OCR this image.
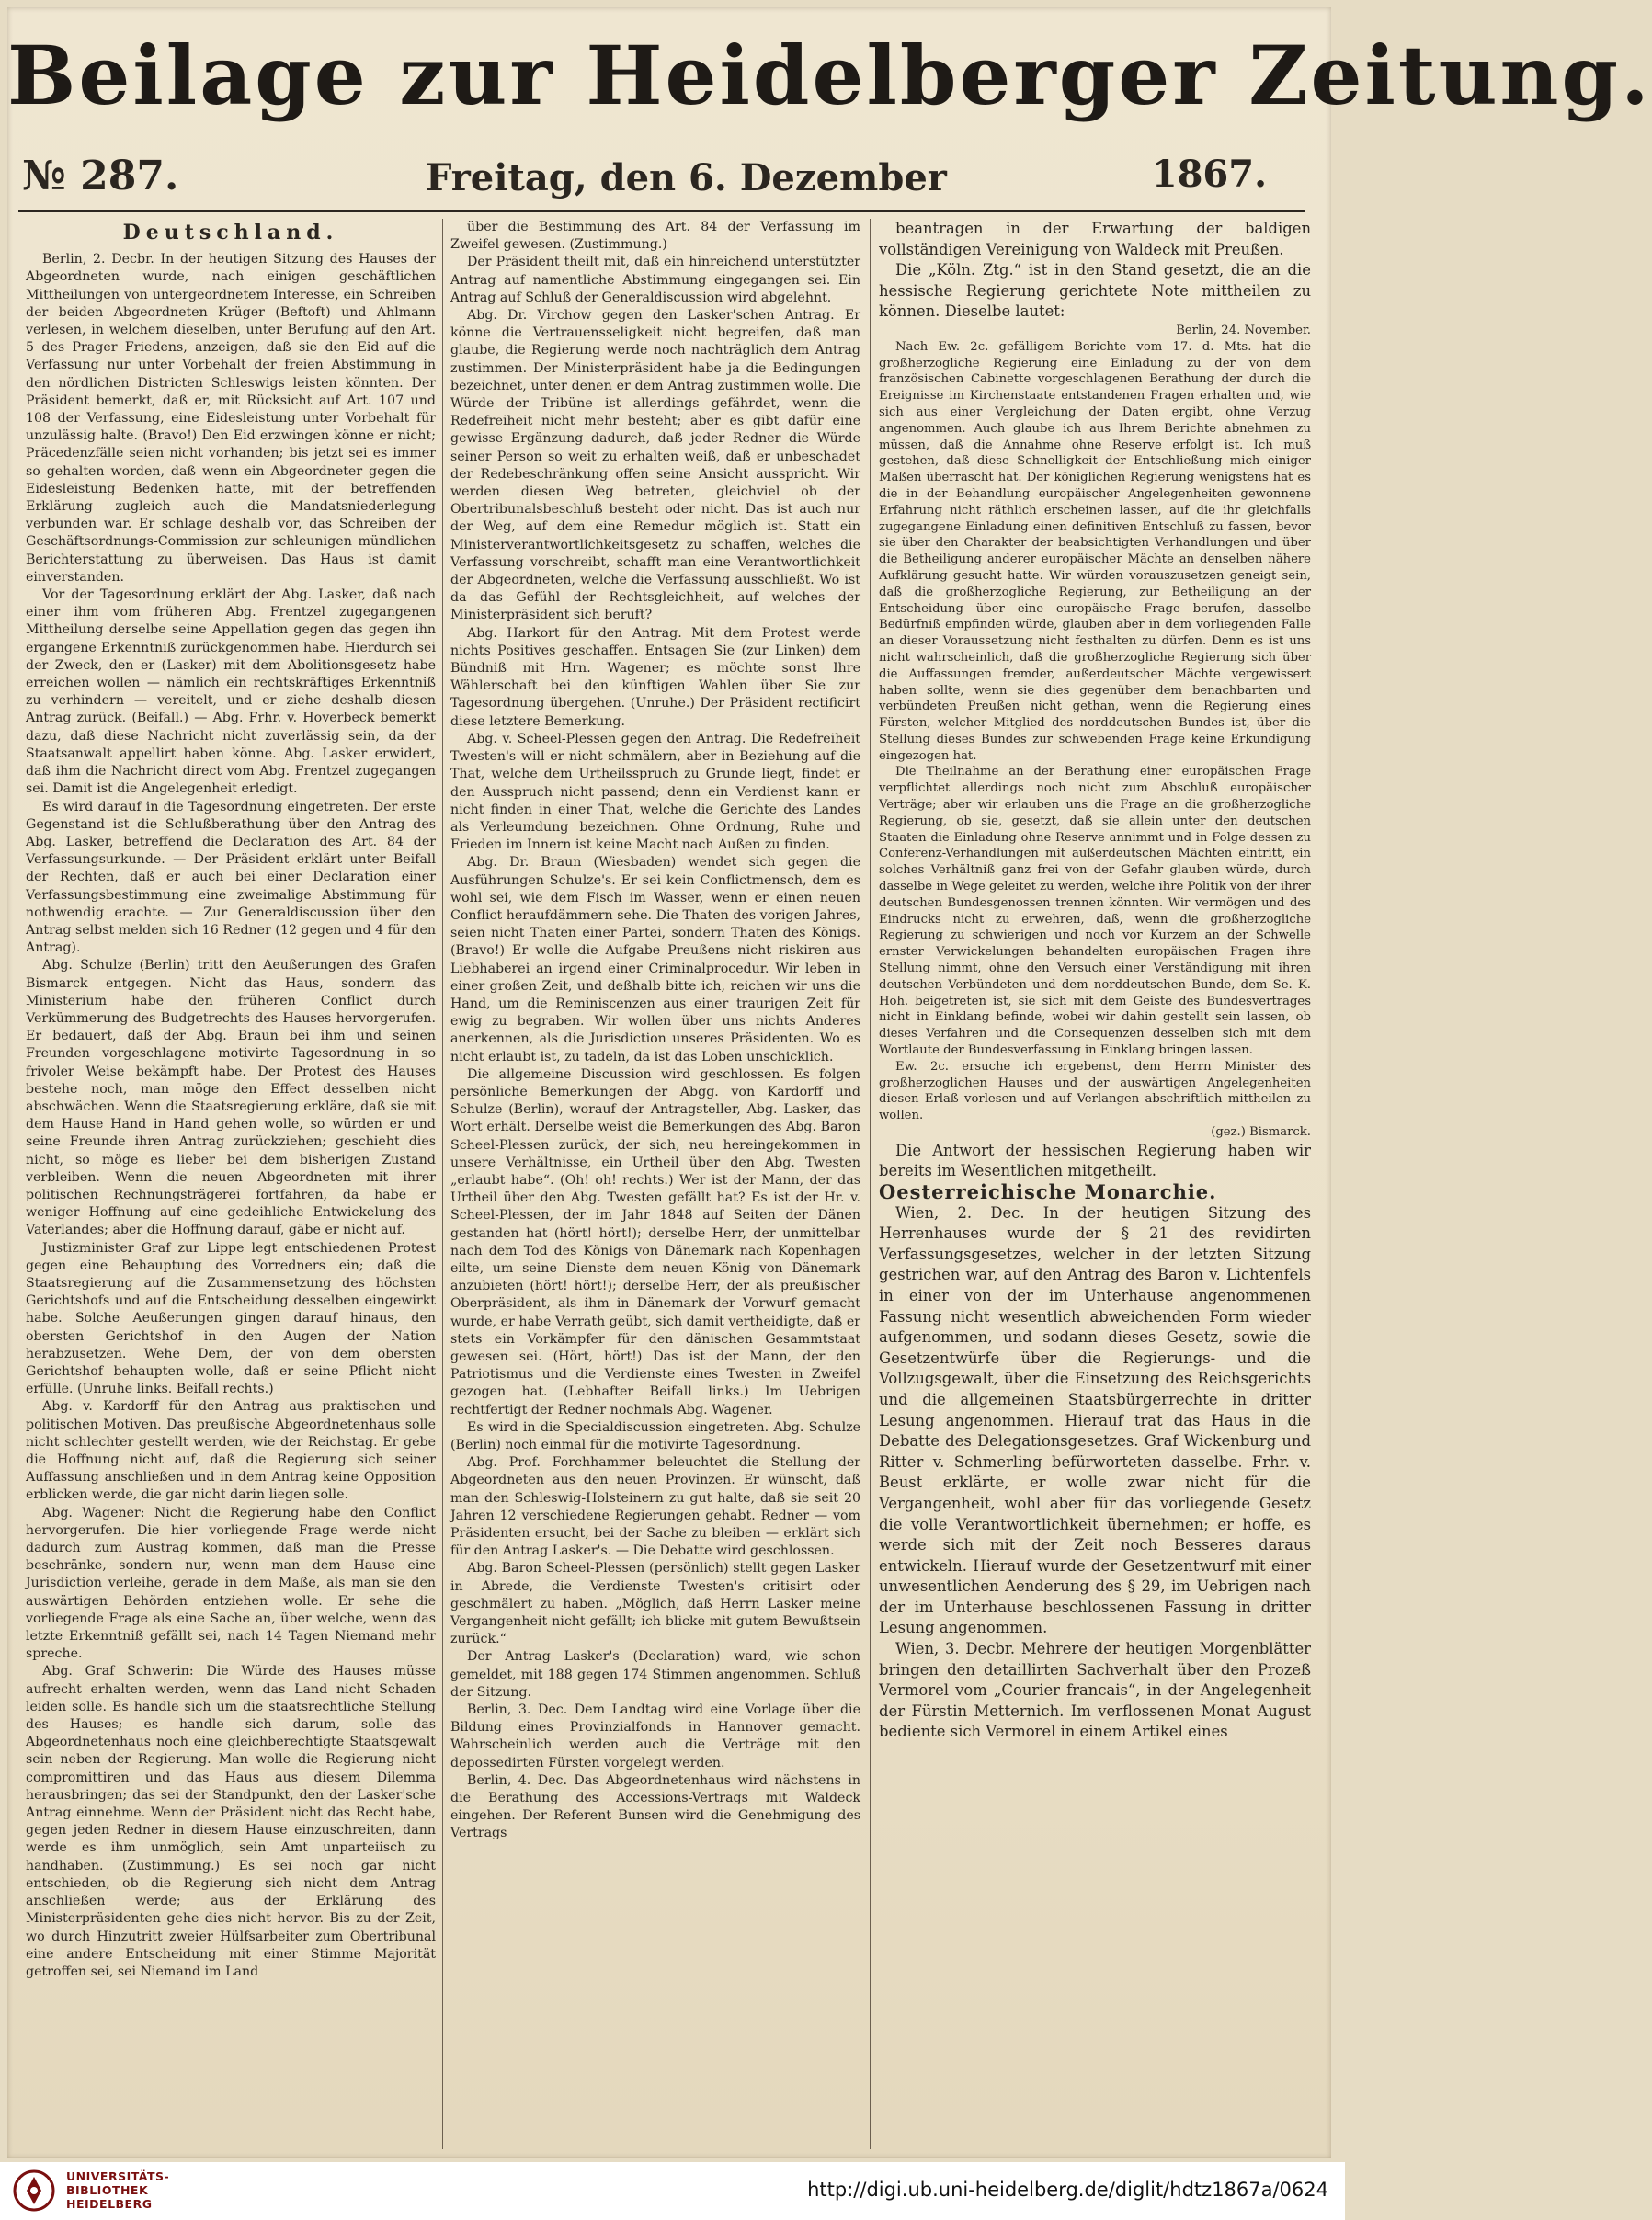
Beilage zur Heidelberger Zeitung.
№ 287.	Freitag, den 6. Dezember	1867.
Deutschland.

Berlin, 2. Decbr. In der heutigen Sitzung des Hauses der Abgeordneten wurde, nach einigen geschäftlichen Mittheilungen von untergeordnetem Interesse, ein Schreiben der beiden Abgeordneten Krüger (Beftoft) und Ahlmann verlesen, in welchem dieselben, unter Berufung auf den Art. 5 des Prager Friedens, anzeigen, daß sie den Eid auf die Verfassung nur unter Vorbehalt der freien Abstimmung in den nördlichen Districten Schleswigs leisten könnten. Der Präsident bemerkt, daß er, mit Rücksicht auf Art. 107 und 108 der Verfassung, eine Eidesleistung unter Vorbehalt für unzulässig halte. (Bravo!) Den Eid erzwingen könne er nicht; Präcedenzfälle seien nicht vorhanden; bis jetzt sei es immer so gehalten worden, daß wenn ein Abgeordneter gegen die Eidesleistung Bedenken hatte, mit der betreffenden Erklärung zugleich auch die Mandatsniederlegung verbunden war. Er schlage deshalb vor, das Schreiben der Geschäftsordnungs-Commission zur schleunigen mündlichen Berichterstattung zu überweisen. Das Haus ist damit einverstanden.

Vor der Tagesordnung erklärt der Abg. Lasker, daß nach einer ihm vom früheren Abg. Frentzel zugegangenen Mittheilung derselbe seine Appellation gegen das gegen ihn ergangene Erkenntniß zurückgenommen habe. Hierdurch sei der Zweck, den er (Lasker) mit dem Abolitionsgesetz habe erreichen wollen — nämlich ein rechtskräftiges Erkenntniß zu verhindern — vereitelt, und er ziehe deshalb diesen Antrag zurück. (Beifall.) — Abg. Frhr. v. Hoverbeck bemerkt dazu, daß diese Nachricht nicht zuverlässig sein, da der Staatsanwalt appellirt haben könne. Abg. Lasker erwidert, daß ihm die Nachricht direct vom Abg. Frentzel zugegangen sei. Damit ist die Angelegenheit erledigt.

Es wird darauf in die Tagesordnung eingetreten. Der erste Gegenstand ist die Schlußberathung über den Antrag des Abg. Lasker, betreffend die Declaration des Art. 84 der Verfassungsurkunde. — Der Präsident erklärt unter Beifall der Rechten, daß er auch bei einer Declaration einer Verfassungsbestimmung eine zweimalige Abstimmung für nothwendig erachte. — Zur Generaldiscussion über den Antrag selbst melden sich 16 Redner (12 gegen und 4 für den Antrag).

Abg. Schulze (Berlin) tritt den Aeußerungen des Grafen Bismarck entgegen. Nicht das Haus, sondern das Ministerium habe den früheren Conflict durch Verkümmerung des Budgetrechts des Hauses hervorgerufen. Er bedauert, daß der Abg. Braun bei ihm und seinen Freunden vorgeschlagene motivirte Tagesordnung in so frivoler Weise bekämpft habe. Der Protest des Hauses bestehe noch, man möge den Effect desselben nicht abschwächen. Wenn die Staatsregierung erkläre, daß sie mit dem Hause Hand in Hand gehen wolle, so würden er und seine Freunde ihren Antrag zurückziehen; geschieht dies nicht, so möge es lieber bei dem bisherigen Zustand verbleiben. Wenn die neuen Abgeordneten mit ihrer politischen Rechnungsträgerei fortfahren, da habe er weniger Hoffnung auf eine gedeihliche Entwickelung des Vaterlandes; aber die Hoffnung darauf, gäbe er nicht auf.

Justizminister Graf zur Lippe legt entschiedenen Protest gegen eine Behauptung des Vorredners ein; daß die Staatsregierung auf die Zusammensetzung des höchsten Gerichtshofs und auf die Entscheidung desselben eingewirkt habe. Solche Aeußerungen gingen darauf hinaus, den obersten Gerichtshof in den Augen der Nation herabzusetzen. Wehe Dem, der von dem obersten Gerichtshof behaupten wolle, daß er seine Pflicht nicht erfülle. (Unruhe links. Beifall rechts.)

Abg. v. Kardorff für den Antrag aus praktischen und politischen Motiven. Das preußische Abgeordnetenhaus solle nicht schlechter gestellt werden, wie der Reichstag. Er gebe die Hoffnung nicht auf, daß die Regierung sich seiner Auffassung anschließen und in dem Antrag keine Opposition erblicken werde, die gar nicht darin liegen solle.

Abg. Wagener: Nicht die Regierung habe den Conflict hervorgerufen. Die hier vorliegende Frage werde nicht dadurch zum Austrag kommen, daß man die Presse beschränke, sondern nur, wenn man dem Hause eine Jurisdiction verleihe, gerade in dem Maße, als man sie den auswärtigen Behörden entziehen wolle. Er sehe die vorliegende Frage als eine Sache an, über welche, wenn das letzte Erkenntniß gefällt sei, nach 14 Tagen Niemand mehr spreche.

Abg. Graf Schwerin: Die Würde des Hauses müsse aufrecht erhalten werden, wenn das Land nicht Schaden leiden solle. Es handle sich um die staatsrechtliche Stellung des Hauses; es handle sich darum, solle das Abgeordnetenhaus noch eine gleichberechtigte Staatsgewalt sein neben der Regierung. Man wolle die Regierung nicht compromittiren und das Haus aus diesem Dilemma herausbringen; das sei der Standpunkt, den der Lasker'sche Antrag einnehme. Wenn der Präsident nicht das Recht habe, gegen jeden Redner in diesem Hause einzuschreiten, dann werde es ihm unmöglich, sein Amt unparteiisch zu handhaben. (Zustimmung.) Es sei noch gar nicht entschieden, ob die Regierung sich nicht dem Antrag anschließen werde; aus der Erklärung des Ministerpräsidenten gehe dies nicht hervor. Bis zu der Zeit, wo durch Hinzutritt zweier Hülfsarbeiter zum Obertribunal eine andere Entscheidung mit einer Stimme Majorität getroffen sei, sei Niemand im Land

über die Bestimmung des Art. 84 der Verfassung im Zweifel gewesen. (Zustimmung.)

Der Präsident theilt mit, daß ein hinreichend unterstützter Antrag auf namentliche Abstimmung eingegangen sei. Ein Antrag auf Schluß der Generaldiscussion wird abgelehnt.

Abg. Dr. Virchow gegen den Lasker'schen Antrag. Er könne die Vertrauensseligkeit nicht begreifen, daß man glaube, die Regierung werde noch nachträglich dem Antrag zustimmen. Der Ministerpräsident habe ja die Bedingungen bezeichnet, unter denen er dem Antrag zustimmen wolle. Die Würde der Tribüne ist allerdings gefährdet, wenn die Redefreiheit nicht mehr besteht; aber es gibt dafür eine gewisse Ergänzung dadurch, daß jeder Redner die Würde seiner Person so weit zu erhalten weiß, daß er unbeschadet der Redebeschränkung offen seine Ansicht ausspricht. Wir werden diesen Weg betreten, gleichviel ob der Obertribunalsbeschluß besteht oder nicht. Das ist auch nur der Weg, auf dem eine Remedur möglich ist. Statt ein Ministerverantwortlichkeitsgesetz zu schaffen, welches die Verfassung vorschreibt, schafft man eine Verantwortlichkeit der Abgeordneten, welche die Verfassung ausschließt. Wo ist da das Gefühl der Rechtsgleichheit, auf welches der Ministerpräsident sich beruft?

Abg. Harkort für den Antrag. Mit dem Protest werde nichts Positives geschaffen. Entsagen Sie (zur Linken) dem Bündniß mit Hrn. Wagener; es möchte sonst Ihre Wählerschaft bei den künftigen Wahlen über Sie zur Tagesordnung übergehen. (Unruhe.) Der Präsident rectificirt diese letztere Bemerkung.

Abg. v. Scheel-Plessen gegen den Antrag. Die Redefreiheit Twesten's will er nicht schmälern, aber in Beziehung auf die That, welche dem Urtheilsspruch zu Grunde liegt, findet er den Ausspruch nicht passend; denn ein Verdienst kann er nicht finden in einer That, welche die Gerichte des Landes als Verleumdung bezeichnen. Ohne Ordnung, Ruhe und Frieden im Innern ist keine Macht nach Außen zu finden.

Abg. Dr. Braun (Wiesbaden) wendet sich gegen die Ausführungen Schulze's. Er sei kein Conflictmensch, dem es wohl sei, wie dem Fisch im Wasser, wenn er einen neuen Conflict heraufdämmern sehe. Die Thaten des vorigen Jahres, seien nicht Thaten einer Partei, sondern Thaten des Königs. (Bravo!) Er wolle die Aufgabe Preußens nicht riskiren aus Liebhaberei an irgend einer Criminalprocedur. Wir leben in einer großen Zeit, und deßhalb bitte ich, reichen wir uns die Hand, um die Reminiscenzen aus einer traurigen Zeit für ewig zu begraben. Wir wollen über uns nichts Anderes anerkennen, als die Jurisdiction unseres Präsidenten. Wo es nicht erlaubt ist, zu tadeln, da ist das Loben unschicklich.

Die allgemeine Discussion wird geschlossen. Es folgen persönliche Bemerkungen der Abgg. von Kardorff und Schulze (Berlin), worauf der Antragsteller, Abg. Lasker, das Wort erhält. Derselbe weist die Bemerkungen des Abg. Baron Scheel-Plessen zurück, der sich, neu hereingekommen in unsere Verhältnisse, ein Urtheil über den Abg. Twesten „erlaubt habe“. (Oh! oh! rechts.) Wer ist der Mann, der das Urtheil über den Abg. Twesten gefällt hat? Es ist der Hr. v. Scheel-Plessen, der im Jahr 1848 auf Seiten der Dänen gestanden hat (hört! hört!); derselbe Herr, der unmittelbar nach dem Tod des Königs von Dänemark nach Kopenhagen eilte, um seine Dienste dem neuen König von Dänemark anzubieten (hört! hört!); derselbe Herr, der als preußischer Oberpräsident, als ihm in Dänemark der Vorwurf gemacht wurde, er habe Verrath geübt, sich damit vertheidigte, daß er stets ein Vorkämpfer für den dänischen Gesammtstaat gewesen sei. (Hört, hört!) Das ist der Mann, der den Patriotismus und die Verdienste eines Twesten in Zweifel gezogen hat. (Lebhafter Beifall links.) Im Uebrigen rechtfertigt der Redner nochmals Abg. Wagener.

Es wird in die Specialdiscussion eingetreten. Abg. Schulze (Berlin) noch einmal für die motivirte Tagesordnung.

Abg. Prof. Forchhammer beleuchtet die Stellung der Abgeordneten aus den neuen Provinzen. Er wünscht, daß man den Schleswig-Holsteinern zu gut halte, daß sie seit 20 Jahren 12 verschiedene Regierungen gehabt. Redner — vom Präsidenten ersucht, bei der Sache zu bleiben — erklärt sich für den Antrag Lasker's. — Die Debatte wird geschlossen.

Abg. Baron Scheel-Plessen (persönlich) stellt gegen Lasker in Abrede, die Verdienste Twesten's critisirt oder geschmälert zu haben. „Möglich, daß Herrn Lasker meine Vergangenheit nicht gefällt; ich blicke mit gutem Bewußtsein zurück.“

Der Antrag Lasker's (Declaration) ward, wie schon gemeldet, mit 188 gegen 174 Stimmen angenommen. Schluß der Sitzung.

Berlin, 3. Dec. Dem Landtag wird eine Vorlage über die Bildung eines Provinzialfonds in Hannover gemacht. Wahrscheinlich werden auch die Verträge mit den depossedirten Fürsten vorgelegt werden.

Berlin, 4. Dec. Das Abgeordnetenhaus wird nächstens in die Berathung des Accessions-Vertrags mit Waldeck eingehen. Der Referent Bunsen wird die Genehmigung des Vertrags

beantragen in der Erwartung der baldigen vollständigen Vereinigung von Waldeck mit Preußen.

Die „Köln. Ztg.“ ist in den Stand gesetzt, die an die hessische Regierung gerichtete Note mittheilen zu können. Dieselbe lautet:

Berlin, 24. November.

Nach Ew. 2c. gefälligem Berichte vom 17. d. Mts. hat die großherzogliche Regierung eine Einladung zu der von dem französischen Cabinette vorgeschlagenen Berathung der durch die Ereignisse im Kirchenstaate entstandenen Fragen erhalten und, wie sich aus einer Vergleichung der Daten ergibt, ohne Verzug angenommen. Auch glaube ich aus Ihrem Berichte abnehmen zu müssen, daß die Annahme ohne Reserve erfolgt ist. Ich muß gestehen, daß diese Schnelligkeit der Entschließung mich einiger Maßen überrascht hat. Der königlichen Regierung wenigstens hat es die in der Behandlung europäischer Angelegenheiten gewonnene Erfahrung nicht räthlich erscheinen lassen, auf die ihr gleichfalls zugegangene Einladung einen definitiven Entschluß zu fassen, bevor sie über den Charakter der beabsichtigten Verhandlungen und über die Betheiligung anderer europäischer Mächte an denselben nähere Aufklärung gesucht hatte. Wir würden vorauszusetzen geneigt sein, daß die großherzogliche Regierung, zur Betheiligung an der Entscheidung über eine europäische Frage berufen, dasselbe Bedürfniß empfinden würde, glauben aber in dem vorliegenden Falle an dieser Voraussetzung nicht festhalten zu dürfen. Denn es ist uns nicht wahrscheinlich, daß die großherzogliche Regierung sich über die Auffassungen fremder, außerdeutscher Mächte vergewissert haben sollte, wenn sie dies gegenüber dem benachbarten und verbündeten Preußen nicht gethan, wenn die Regierung eines Fürsten, welcher Mitglied des norddeutschen Bundes ist, über die Stellung dieses Bundes zur schwebenden Frage keine Erkundigung eingezogen hat.

Die Theilnahme an der Berathung einer europäischen Frage verpflichtet allerdings noch nicht zum Abschluß europäischer Verträge; aber wir erlauben uns die Frage an die großherzogliche Regierung, ob sie, gesetzt, daß sie allein unter den deutschen Staaten die Einladung ohne Reserve annimmt und in Folge dessen zu Conferenz-Verhandlungen mit außerdeutschen Mächten eintritt, ein solches Verhältniß ganz frei von der Gefahr glauben würde, durch dasselbe in Wege geleitet zu werden, welche ihre Politik von der ihrer deutschen Bundesgenossen trennen könnten. Wir vermögen und des Eindrucks nicht zu erwehren, daß, wenn die großherzogliche Regierung zu schwierigen und noch vor Kurzem an der Schwelle ernster Verwickelungen behandelten europäischen Fragen ihre Stellung nimmt, ohne den Versuch einer Verständigung mit ihren deutschen Verbündeten und dem norddeutschen Bunde, dem Se. K. Hoh. beigetreten ist, sie sich mit dem Geiste des Bundesvertrages nicht in Einklang befinde, wobei wir dahin gestellt sein lassen, ob dieses Verfahren und die Consequenzen desselben sich mit dem Wortlaute der Bundesverfassung in Einklang bringen lassen.

Ew. 2c. ersuche ich ergebenst, dem Herrn Minister des großherzoglichen Hauses und der auswärtigen Angelegenheiten diesen Erlaß vorlesen und auf Verlangen abschriftlich mittheilen zu wollen.

(gez.) Bismarck.

Die Antwort der hessischen Regierung haben wir bereits im Wesentlichen mitgetheilt.

Oesterreichische Monarchie.

Wien, 2. Dec. In der heutigen Sitzung des Herrenhauses wurde der § 21 des revidirten Verfassungsgesetzes, welcher in der letzten Sitzung gestrichen war, auf den Antrag des Baron v. Lichtenfels in einer von der im Unterhause angenommenen Fassung nicht wesentlich abweichenden Form wieder aufgenommen, und sodann dieses Gesetz, sowie die Gesetzentwürfe über die Regierungs- und die Vollzugsgewalt, über die Einsetzung des Reichsgerichts und die allgemeinen Staatsbürgerrechte in dritter Lesung angenommen. Hierauf trat das Haus in die Debatte des Delegationsgesetzes. Graf Wickenburg und Ritter v. Schmerling befürworteten dasselbe. Frhr. v. Beust erklärte, er wolle zwar nicht für die Vergangenheit, wohl aber für das vorliegende Gesetz die volle Verantwortlichkeit übernehmen; er hoffe, es werde sich mit der Zeit noch Besseres daraus entwickeln. Hierauf wurde der Gesetzentwurf mit einer unwesentlichen Aenderung des § 29, im Uebrigen nach der im Unterhause beschlossenen Fassung in dritter Lesung angenommen.

Wien, 3. Decbr. Mehrere der heutigen Morgenblätter bringen den detaillirten Sachverhalt über den Prozeß Vermorel vom „Courier francais“, in der Angelegenheit der Fürstin Metternich. Im verflossenen Monat August bediente sich Vermorel in einem Artikel eines

UNIVERSITÄTS-
BIBLIOTHEK
HEIDELBERG
http://digi.ub.uni-heidelberg.de/diglit/hdtz1867a/0624
